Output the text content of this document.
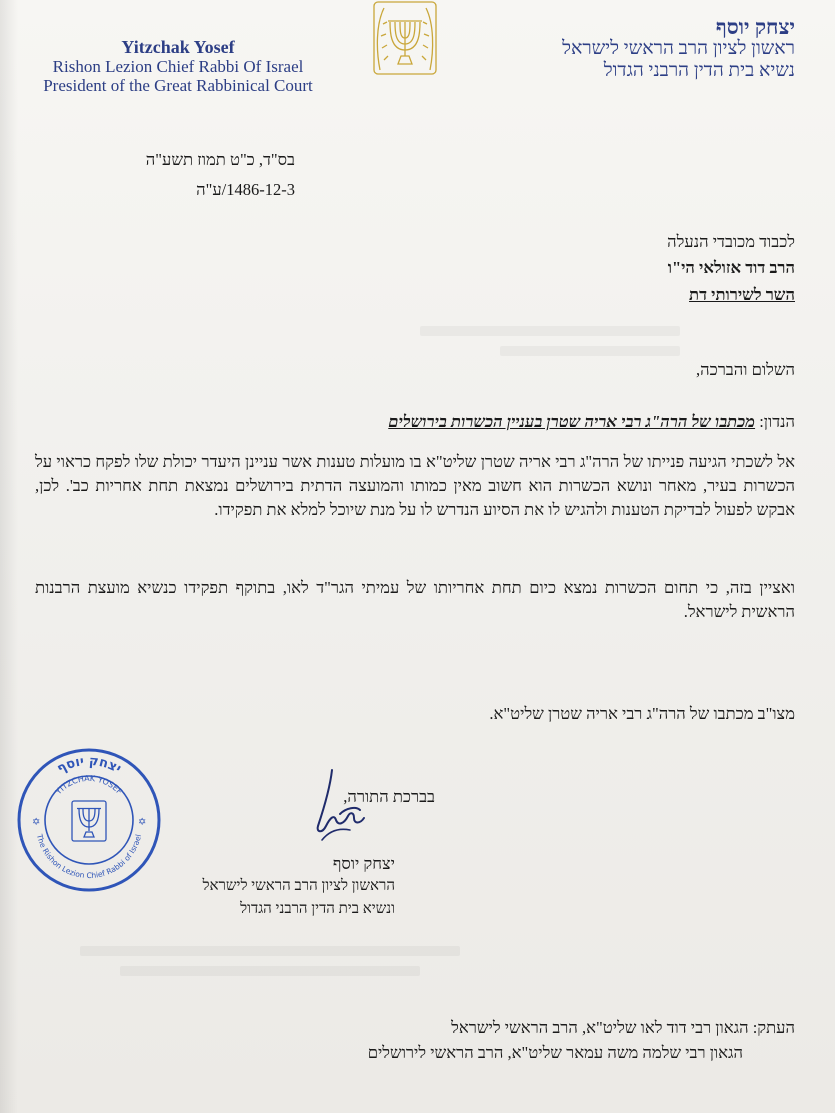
Yitzchak Yosef
Rishon Lezion Chief Rabbi Of Israel
President of the Great Rabbinical Court
יצחק יוסף
ראשון לציון הרב הראשי לישראל
נשיא בית הדין הרבני הגדול
בס"ד, כ"ט תמוז תשע"ה
1486-12-3/ע"ה
לכבוד מכובדי הנעלה
הרב דוד אזולאי הי"ו
השר לשירותי דת
השלום והברכה,
הנדון: מכתבו של הרה"ג רבי אריה שטרן בעניין הכשרות בירושלים
אל לשכתי הגיעה פנייתו של הרה"ג רבי אריה שטרן שליט"א בו מועלות טענות אשר עניינן היעדר יכולת שלו לפקח כראוי על הכשרות בעיר, מאחר ונושא הכשרות הוא חשוב מאין כמותו והמועצה הדתית בירושלים נמצאת תחת אחריות כב'. לכן, אבקש לפעול לבדיקת הטענות ולהגיש לו את הסיוע הנדרש לו על מנת שיוכל למלא את תפקידו.
ואציין בזה, כי תחום הכשרות נמצא כיום תחת אחריותו של עמיתי הגר"ד לאו, בתוקף תפקידו כנשיא מועצת הרבנות הראשית לישראל.
מצו"ב מכתבו של הרה"ג רבי אריה שטרן שליט"א.
בברכת התורה,
יצחק יוסף
הראשון לציון הרב הראשי לישראל
ונשיא בית הדין הרבני הגדול
יצחק יוסף
YITZCHAK YOSEF
The Rishon Lezion Chief Rabbi of Israel
✡	✡
העתק: הגאון רבי דוד לאו שליט"א, הרב הראשי לישראל
הגאון רבי שלמה משה עמאר שליט"א, הרב הראשי לירושלים
